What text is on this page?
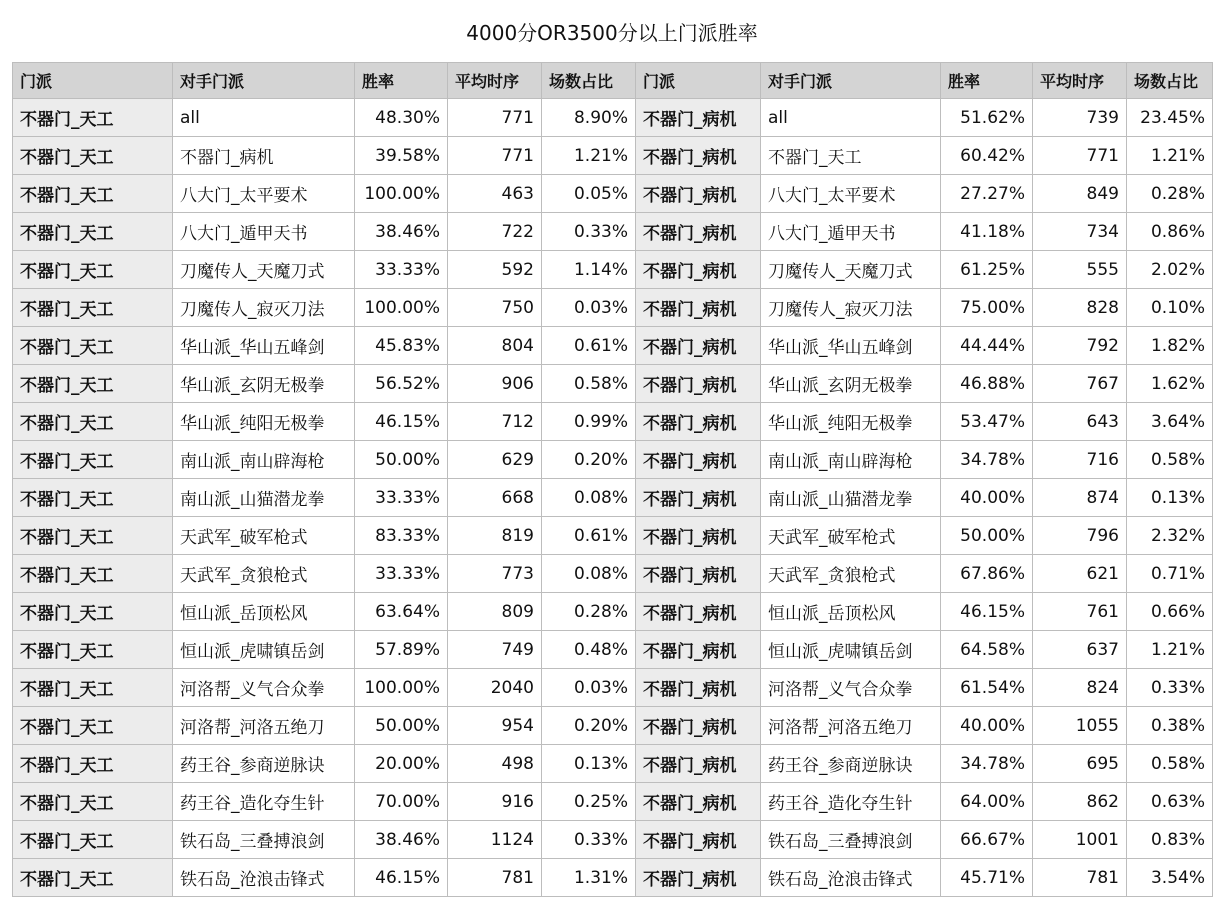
4000分OR3500分以上门派胜率
门派	对手门派	胜率	平均时序	场数占比	门派	对手门派	胜率	平均时序	场数占比
不器门_天工	all	48.30%	771	8.90%	不器门_病机	all	51.62%	739	23.45%
不器门_天工	不器门_病机	39.58%	771	1.21%	不器门_病机	不器门_天工	60.42%	771	1.21%
不器门_天工	八大门_太平要术	100.00%	463	0.05%	不器门_病机	八大门_太平要术	27.27%	849	0.28%
不器门_天工	八大门_遁甲天书	38.46%	722	0.33%	不器门_病机	八大门_遁甲天书	41.18%	734	0.86%
不器门_天工	刀魔传人_天魔刀式	33.33%	592	1.14%	不器门_病机	刀魔传人_天魔刀式	61.25%	555	2.02%
不器门_天工	刀魔传人_寂灭刀法	100.00%	750	0.03%	不器门_病机	刀魔传人_寂灭刀法	75.00%	828	0.10%
不器门_天工	华山派_华山五峰剑	45.83%	804	0.61%	不器门_病机	华山派_华山五峰剑	44.44%	792	1.82%
不器门_天工	华山派_玄阴无极拳	56.52%	906	0.58%	不器门_病机	华山派_玄阴无极拳	46.88%	767	1.62%
不器门_天工	华山派_纯阳无极拳	46.15%	712	0.99%	不器门_病机	华山派_纯阳无极拳	53.47%	643	3.64%
不器门_天工	南山派_南山辟海枪	50.00%	629	0.20%	不器门_病机	南山派_南山辟海枪	34.78%	716	0.58%
不器门_天工	南山派_山猫潜龙拳	33.33%	668	0.08%	不器门_病机	南山派_山猫潜龙拳	40.00%	874	0.13%
不器门_天工	天武军_破军枪式	83.33%	819	0.61%	不器门_病机	天武军_破军枪式	50.00%	796	2.32%
不器门_天工	天武军_贪狼枪式	33.33%	773	0.08%	不器门_病机	天武军_贪狼枪式	67.86%	621	0.71%
不器门_天工	恒山派_岳顶松风	63.64%	809	0.28%	不器门_病机	恒山派_岳顶松风	46.15%	761	0.66%
不器门_天工	恒山派_虎啸镇岳剑	57.89%	749	0.48%	不器门_病机	恒山派_虎啸镇岳剑	64.58%	637	1.21%
不器门_天工	河洛帮_义气合众拳	100.00%	2040	0.03%	不器门_病机	河洛帮_义气合众拳	61.54%	824	0.33%
不器门_天工	河洛帮_河洛五绝刀	50.00%	954	0.20%	不器门_病机	河洛帮_河洛五绝刀	40.00%	1055	0.38%
不器门_天工	药王谷_参商逆脉诀	20.00%	498	0.13%	不器门_病机	药王谷_参商逆脉诀	34.78%	695	0.58%
不器门_天工	药王谷_造化夺生针	70.00%	916	0.25%	不器门_病机	药王谷_造化夺生针	64.00%	862	0.63%
不器门_天工	铁石岛_三叠搏浪剑	38.46%	1124	0.33%	不器门_病机	铁石岛_三叠搏浪剑	66.67%	1001	0.83%
不器门_天工	铁石岛_沧浪击锋式	46.15%	781	1.31%	不器门_病机	铁石岛_沧浪击锋式	45.71%	781	3.54%
